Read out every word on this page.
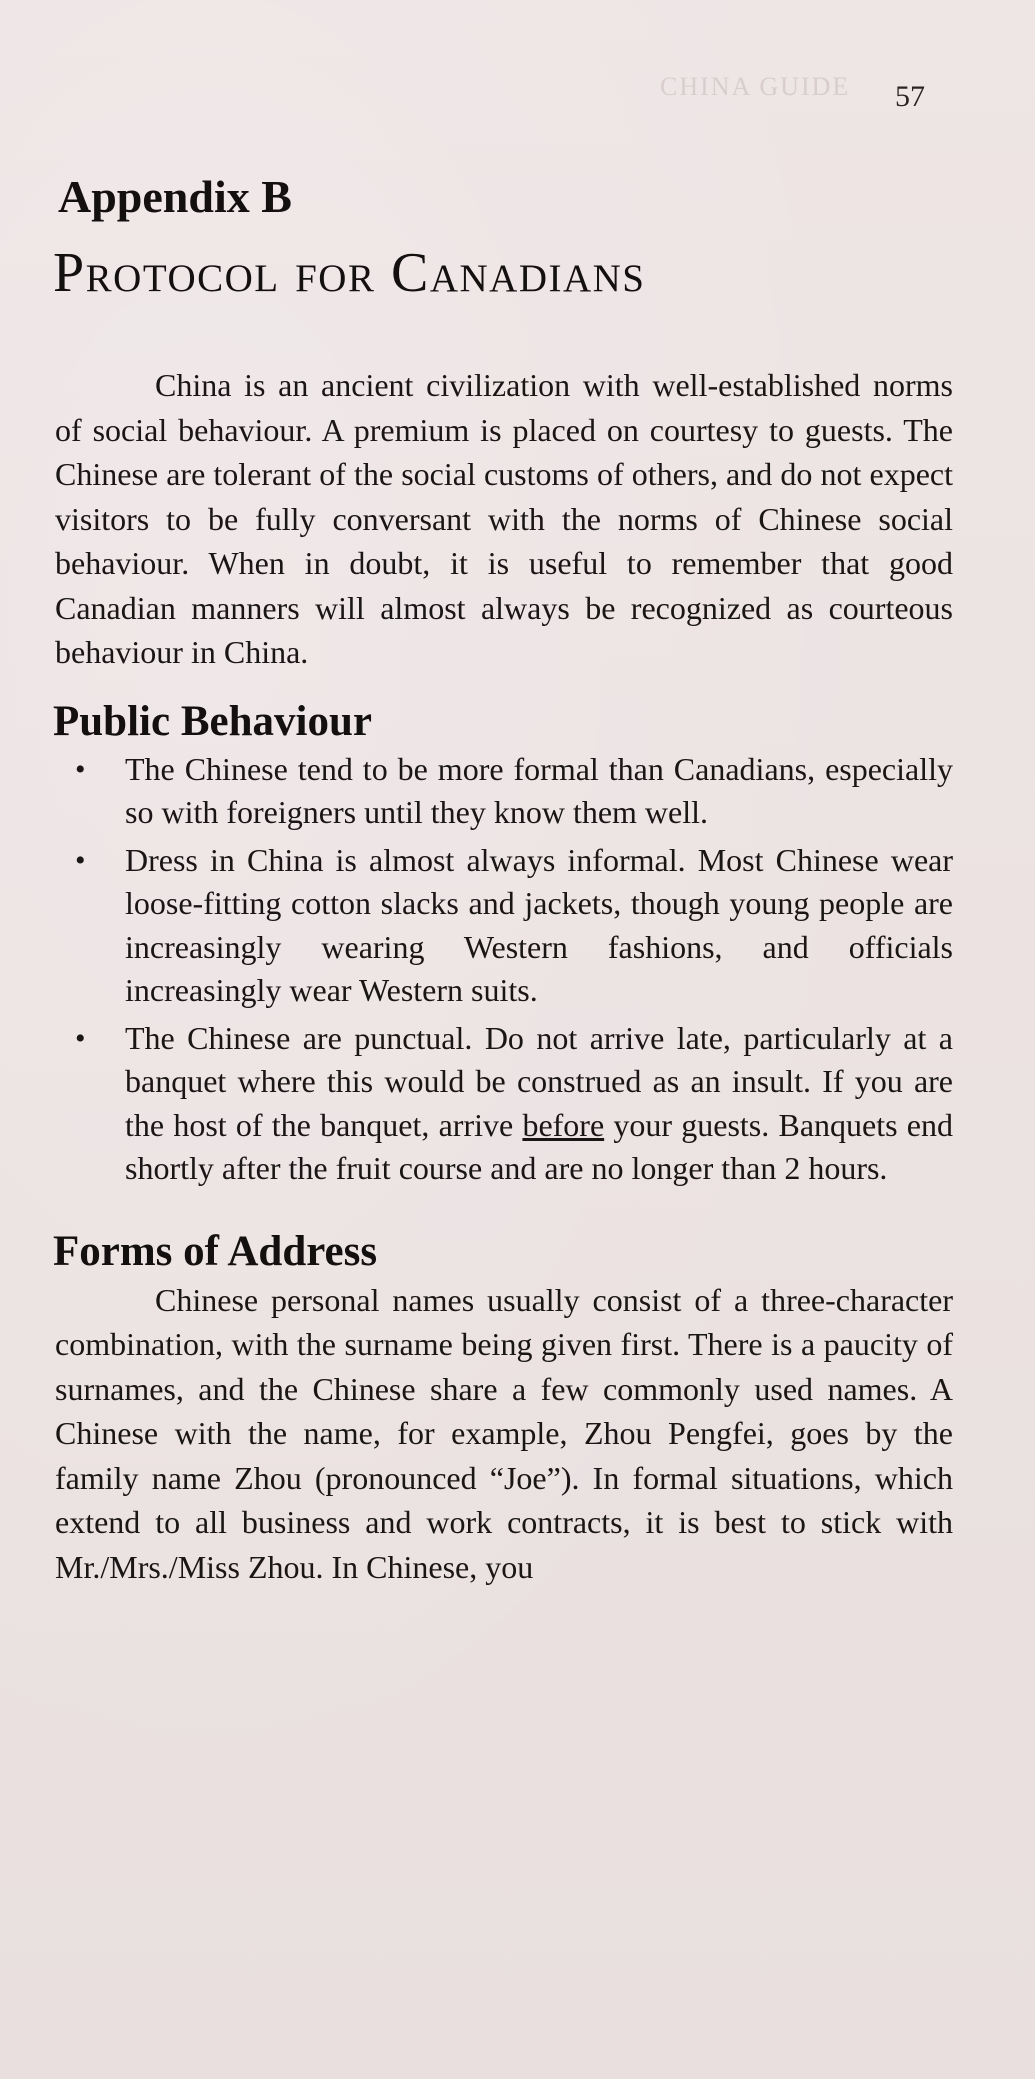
CHINA GUIDE 57
Appendix B
Protocol for Canadians

China is an ancient civilization with well-established norms of social behaviour. A premium is placed on courtesy to guests. The Chinese are tolerant of the social customs of others, and do not expect visitors to be fully conversant with the norms of Chinese social behaviour. When in doubt, it is useful to remember that good Canadian manners will almost always be recognized as courteous behaviour in China.

Public Behaviour
• The Chinese tend to be more formal than Canadians, especially so with foreigners until they know them well.
• Dress in China is almost always informal. Most Chinese wear loose-fitting cotton slacks and jackets, though young people are increasingly wearing Western fashions, and officials increasingly wear Western suits.
• The Chinese are punctual. Do not arrive late, particularly at a banquet where this would be construed as an insult. If you are the host of the banquet, arrive before your guests. Banquets end shortly after the fruit course and are no longer than 2 hours.
Forms of Address

Chinese personal names usually consist of a three-character combination, with the surname being given first. There is a paucity of surnames, and the Chinese share a few commonly used names. A Chinese with the name, for example, Zhou Pengfei, goes by the family name Zhou (pronounced “Joe”). In formal situations, which extend to all business and work contracts, it is best to stick with Mr./Mrs./Miss Zhou. In Chinese, you
